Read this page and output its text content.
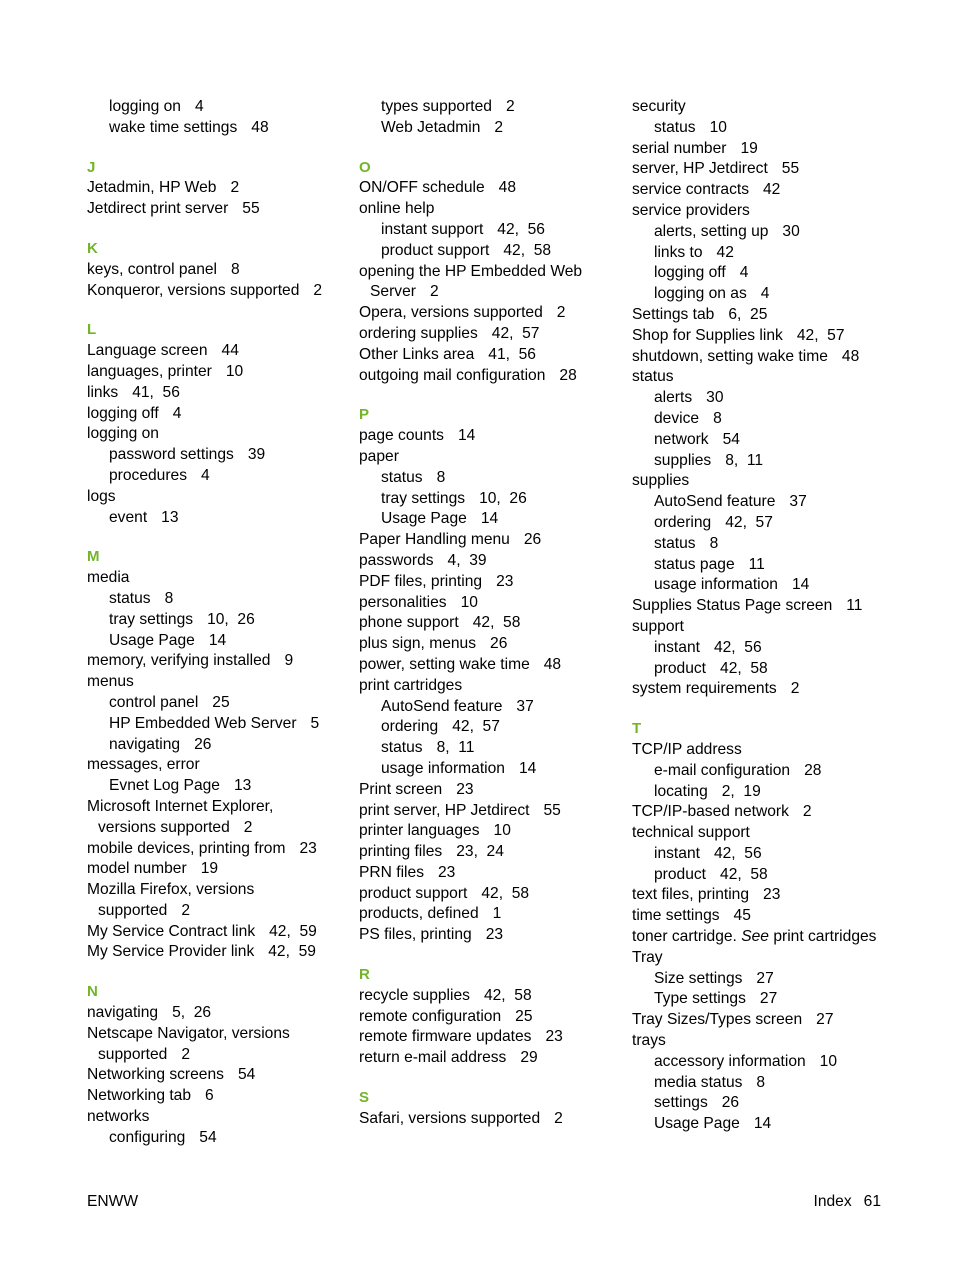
logging on 4
wake time settings 48
J
Jetadmin, HP Web 2
Jetdirect print server 55
K
keys, control panel 8
Konqueror, versions supported 2
L
Language screen 44
languages, printer 10
links 41,  56
logging off 4
logging on
password settings 39
procedures 4
logs
event 13
M
media
status 8
tray settings 10,  26
Usage Page 14
memory, verifying installed 9
menus
control panel 25
HP Embedded Web Server 5
navigating 26
messages, error
Evnet Log Page 13
Microsoft Internet Explorer,
versions supported 2
mobile devices, printing from 23
model number 19
Mozilla Firefox, versions
supported 2
My Service Contract link 42,  59
My Service Provider link 42,  59
N
navigating 5,  26
Netscape Navigator, versions
supported 2
Networking screens 54
Networking tab 6
networks
configuring 54
types supported 2
Web Jetadmin 2
O
ON/OFF schedule 48
online help
instant support 42,  56
product support 42,  58
opening the HP Embedded Web
Server 2
Opera, versions supported 2
ordering supplies 42,  57
Other Links area 41,  56
outgoing mail configuration 28
P
page counts 14
paper
status 8
tray settings 10,  26
Usage Page 14
Paper Handling menu 26
passwords 4,  39
PDF files, printing 23
personalities 10
phone support 42,  58
plus sign, menus 26
power, setting wake time 48
print cartridges
AutoSend feature 37
ordering 42,  57
status 8,  11
usage information 14
Print screen 23
print server, HP Jetdirect 55
printer languages 10
printing files 23,  24
PRN files 23
product support 42,  58
products, defined 1
PS files, printing 23
R
recycle supplies 42,  58
remote configuration 25
remote firmware updates 23
return e-mail address 29
S
Safari, versions supported 2
security
status 10
serial number 19
server, HP Jetdirect 55
service contracts 42
service providers
alerts, setting up 30
links to 42
logging off 4
logging on as 4
Settings tab 6,  25
Shop for Supplies link 42,  57
shutdown, setting wake time 48
status
alerts 30
device 8
network 54
supplies 8,  11
supplies
AutoSend feature 37
ordering 42,  57
status 8
status page 11
usage information 14
Supplies Status Page screen 11
support
instant 42,  56
product 42,  58
system requirements 2
T
TCP/IP address
e-mail configuration 28
locating 2,  19
TCP/IP-based network 2
technical support
instant 42,  56
product 42,  58
text files, printing 23
time settings 45
toner cartridge. See print cartridges
Tray
Size settings 27
Type settings 27
Tray Sizes/Types screen 27
trays
accessory information 10
media status 8
settings 26
Usage Page 14
ENWW	Index 61
